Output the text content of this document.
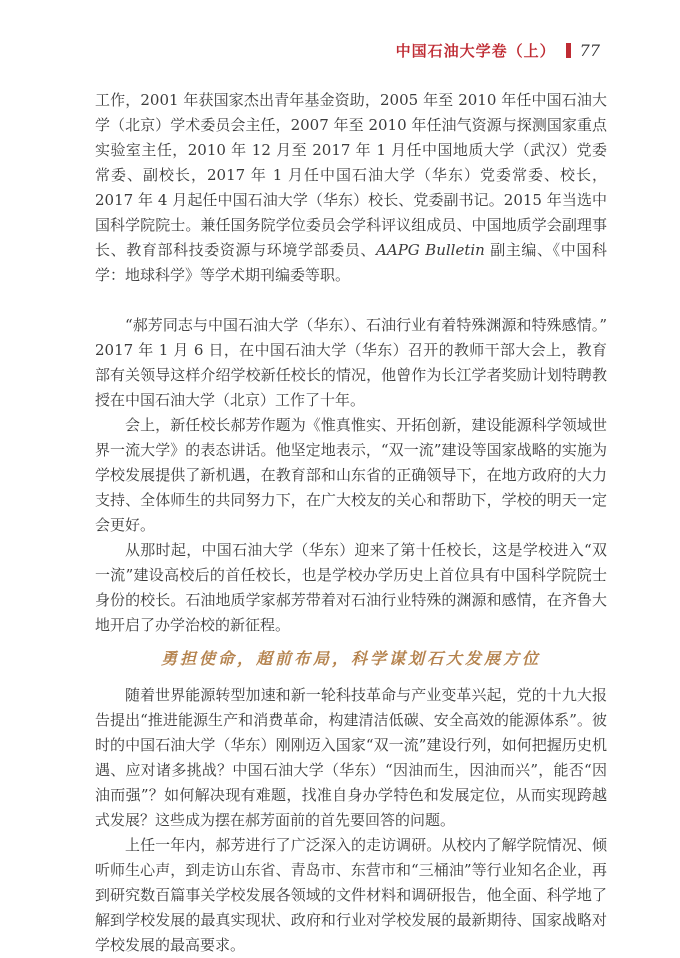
中国石油大学卷（上） 77

工作，2001 年获国家杰出青年基金资助，2005 年至 2010 年任中国石油大学（北京）学术委员会主任，2007 年至 2010 年任油气资源与探测国家重点实验室主任，2010 年 12 月至 2017 年 1 月任中国地质大学（武汉）党委常委、副校长，2017 年 1 月任中国石油大学（华东）党委常委、校长，2017 年 4 月起任中国石油大学（华东）校长、党委副书记。2015 年当选中国科学院院士。兼任国务院学位委员会学科评议组成员、中国地质学会副理事长、教育部科技委资源与环境学部委员、AAPG Bulletin 副主编、《中国科学：地球科学》等学术期刊编委等职。

“郝芳同志与中国石油大学（华东）、石油行业有着特殊渊源和特殊感情。”2017 年 1 月 6 日，在中国石油大学（华东）召开的教师干部大会上，教育部有关领导这样介绍学校新任校长的情况，他曾作为长江学者奖励计划特聘教授在中国石油大学（北京）工作了十年。

会上，新任校长郝芳作题为《惟真惟实、开拓创新，建设能源科学领域世界一流大学》的表态讲话。他坚定地表示，“双一流”建设等国家战略的实施为学校发展提供了新机遇，在教育部和山东省的正确领导下，在地方政府的大力支持、全体师生的共同努力下，在广大校友的关心和帮助下，学校的明天一定会更好。

从那时起，中国石油大学（华东）迎来了第十任校长，这是学校进入“双一流”建设高校后的首任校长，也是学校办学历史上首位具有中国科学院院士身份的校长。石油地质学家郝芳带着对石油行业特殊的渊源和感情，在齐鲁大地开启了办学治校的新征程。

勇担使命，超前布局，科学谋划石大发展方位

随着世界能源转型加速和新一轮科技革命与产业变革兴起，党的十九大报告提出“推进能源生产和消费革命，构建清洁低碳、安全高效的能源体系”。彼时的中国石油大学（华东）刚刚迈入国家“双一流”建设行列，如何把握历史机遇、应对诸多挑战？中国石油大学（华东）“因油而生，因油而兴”，能否“因油而强”？如何解决现有难题，找准自身办学特色和发展定位，从而实现跨越式发展？这些成为摆在郝芳面前的首先要回答的问题。

上任一年内，郝芳进行了广泛深入的走访调研。从校内了解学院情况、倾听师生心声，到走访山东省、青岛市、东营市和“三桶油”等行业知名企业，再到研究数百篇事关学校发展各领域的文件材料和调研报告，他全面、科学地了解到学校发展的最真实现状、政府和行业对学校发展的最新期待、国家战略对学校发展的最高要求。
